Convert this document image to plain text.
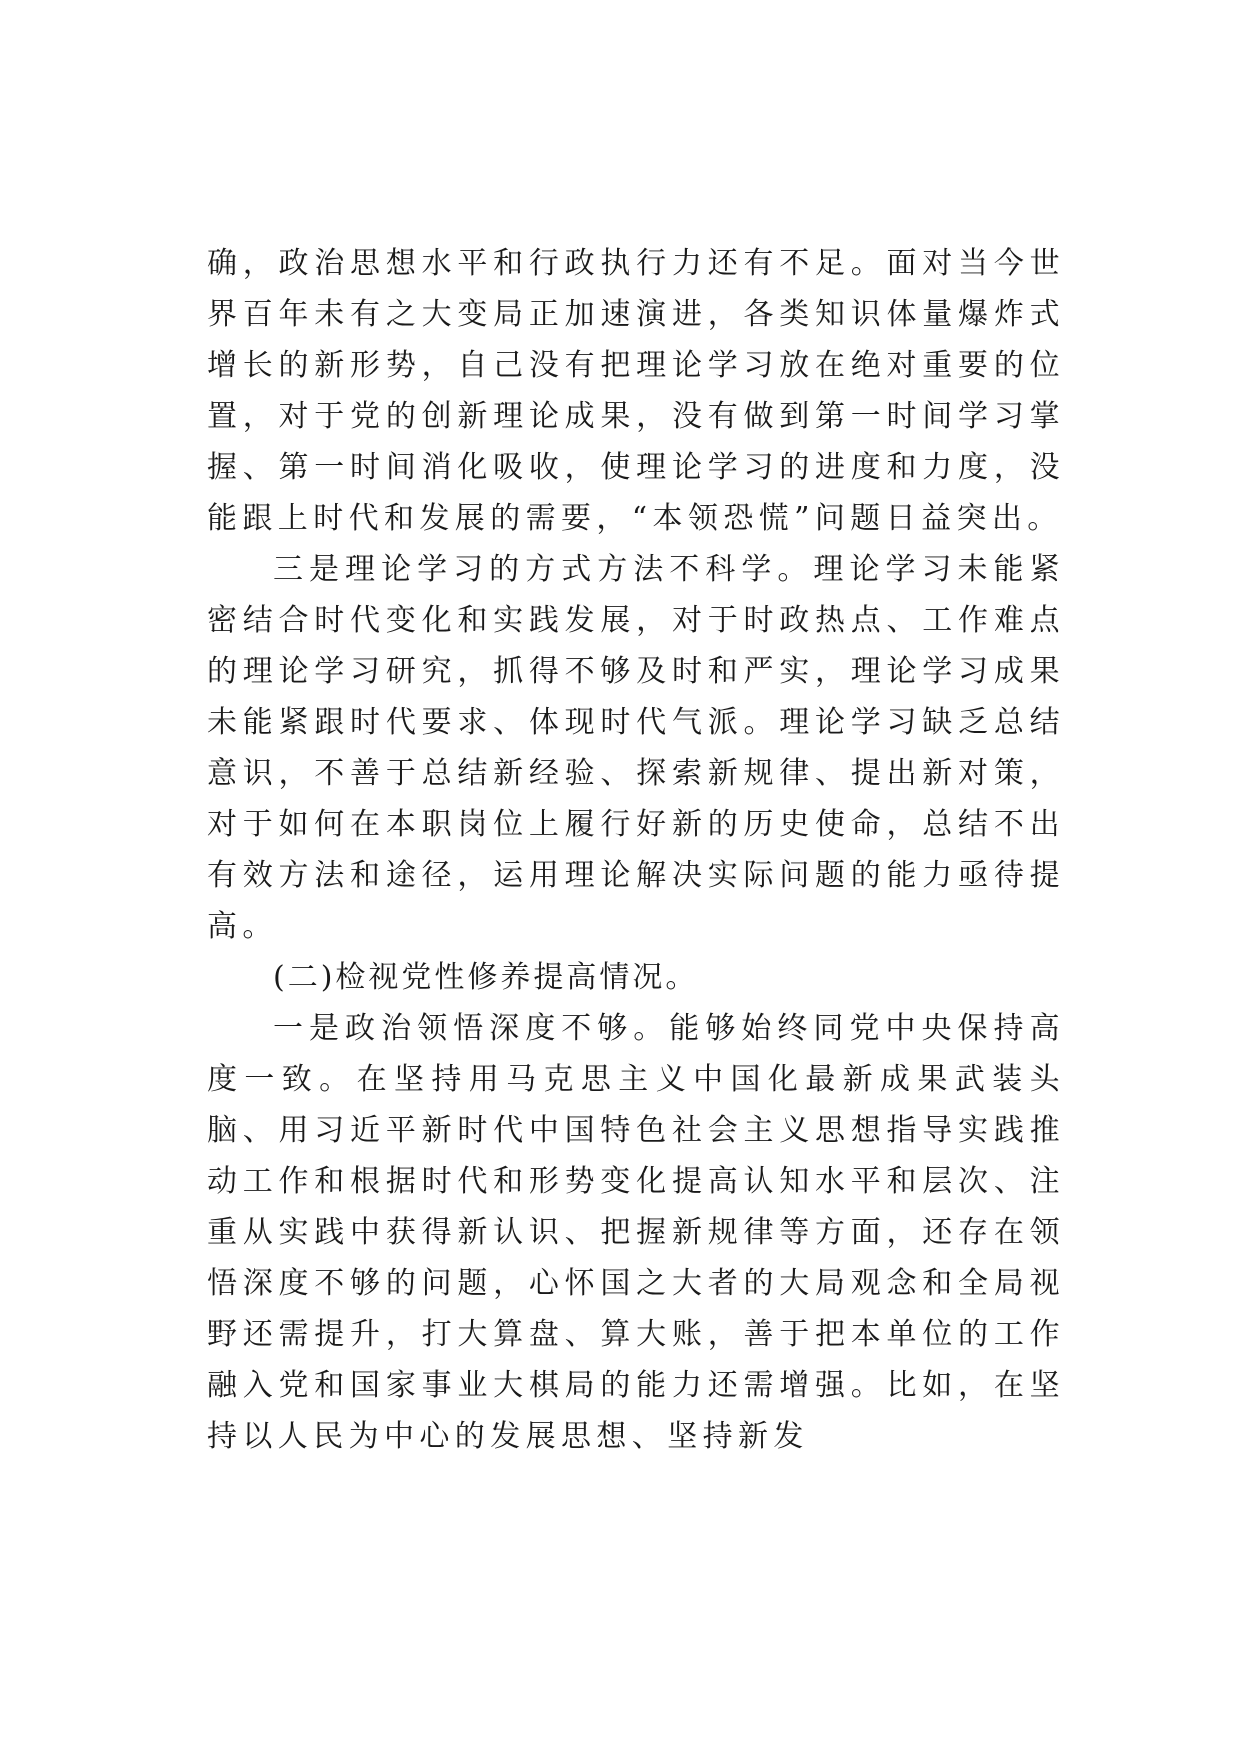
确，政治思想水平和行政执行力还有不足。面对当今世界百年未有之大变局正加速演进，各类知识体量爆炸式增长的新形势，自己没有把理论学习放在绝对重要的位置，对于党的创新理论成果，没有做到第一时间学习掌握、第一时间消化吸收，使理论学习的进度和力度，没能跟上时代和发展的需要，“本领恐慌”问题日益突出。

三是理论学习的方式方法不科学。理论学习未能紧密结合时代变化和实践发展，对于时政热点、工作难点的理论学习研究，抓得不够及时和严实，理论学习成果未能紧跟时代要求、体现时代气派。理论学习缺乏总结意识，不善于总结新经验、探索新规律、提出新对策，对于如何在本职岗位上履行好新的历史使命，总结不出有效方法和途径，运用理论解决实际问题的能力亟待提高。

(二)检视党性修养提高情况。

一是政治领悟深度不够。能够始终同党中央保持高度一致。在坚持用马克思主义中国化最新成果武装头脑、用习近平新时代中国特色社会主义思想指导实践推动工作和根据时代和形势变化提高认知水平和层次、注重从实践中获得新认识、把握新规律等方面，还存在领悟深度不够的问题，心怀国之大者的大局观念和全局视野还需提升，打大算盘、算大账，善于把本单位的工作融入党和国家事业大棋局的能力还需增强。比如，在坚持以人民为中心的发展思想、坚持新发
